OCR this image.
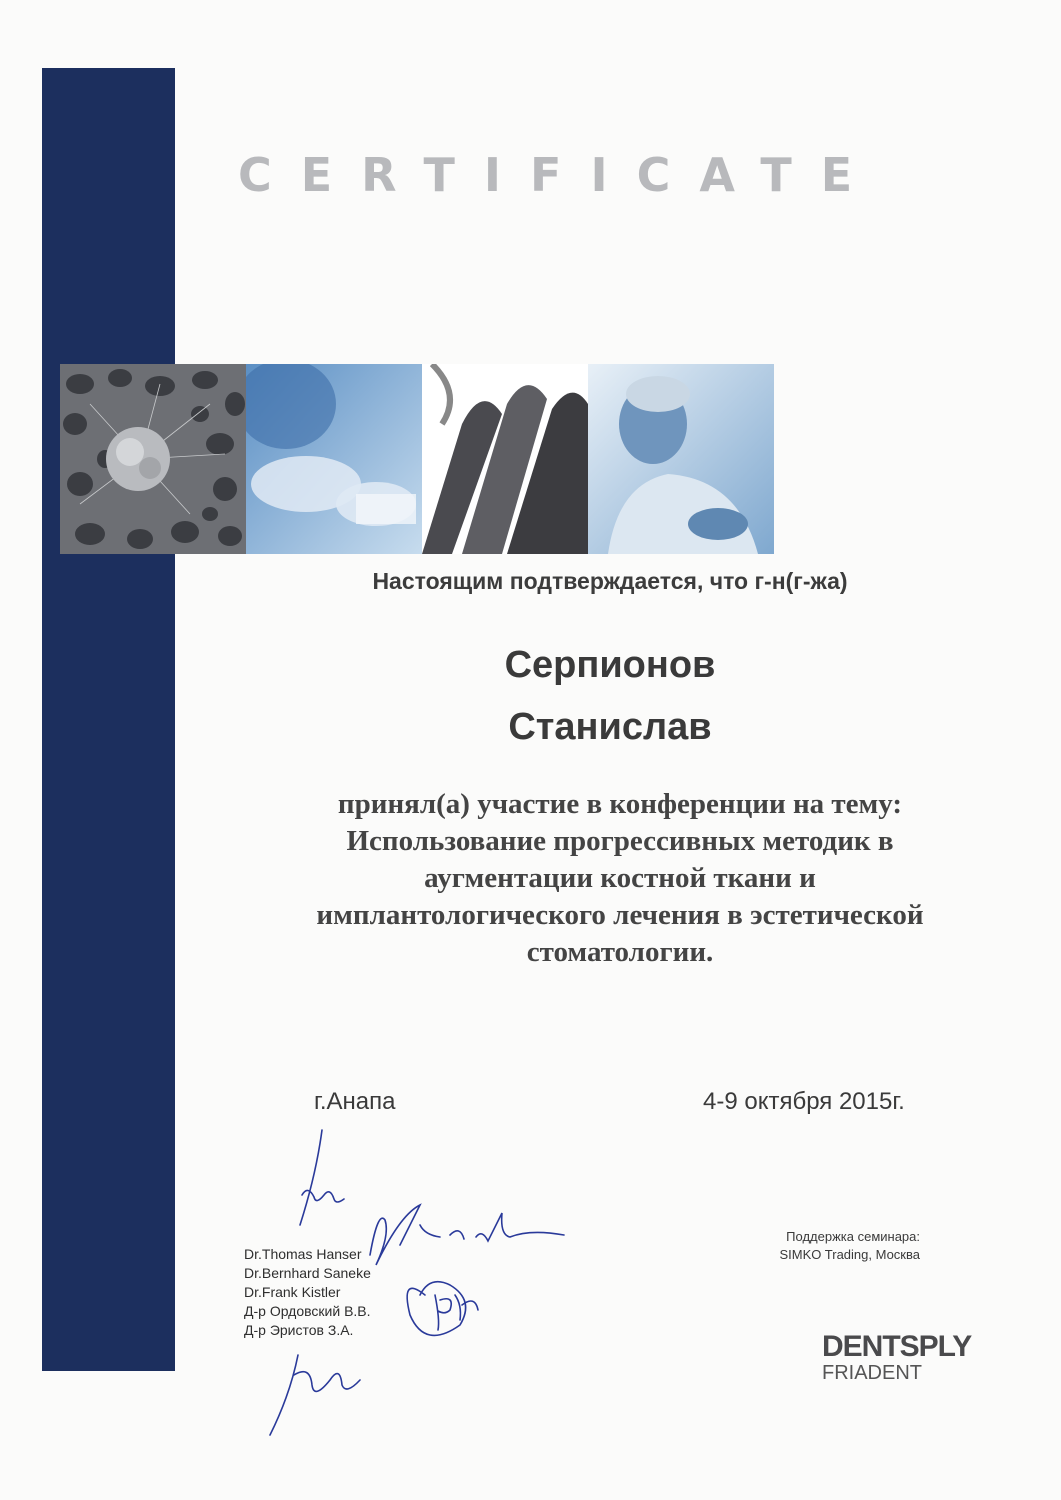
CERTIFICATE
Настоящим подтверждается, что г-н(г-жа)
Серпионов
Станислав
принял(а) участие в конференции на тему:
Использование прогрессивных методик в
аугментации костной ткани и
имплантологического лечения в эстетической
стоматологии.
г.Анапа	4-9 октября 2015г.
Dr.Thomas Hanser
Dr.Bernhard Saneke
Dr.Frank Kistler
Д-р Ордовский В.В.
Д-р Эристов З.А.
Поддержка семинара:
SIMKO Trading, Москва
DENTSPLY
FRIADENT
